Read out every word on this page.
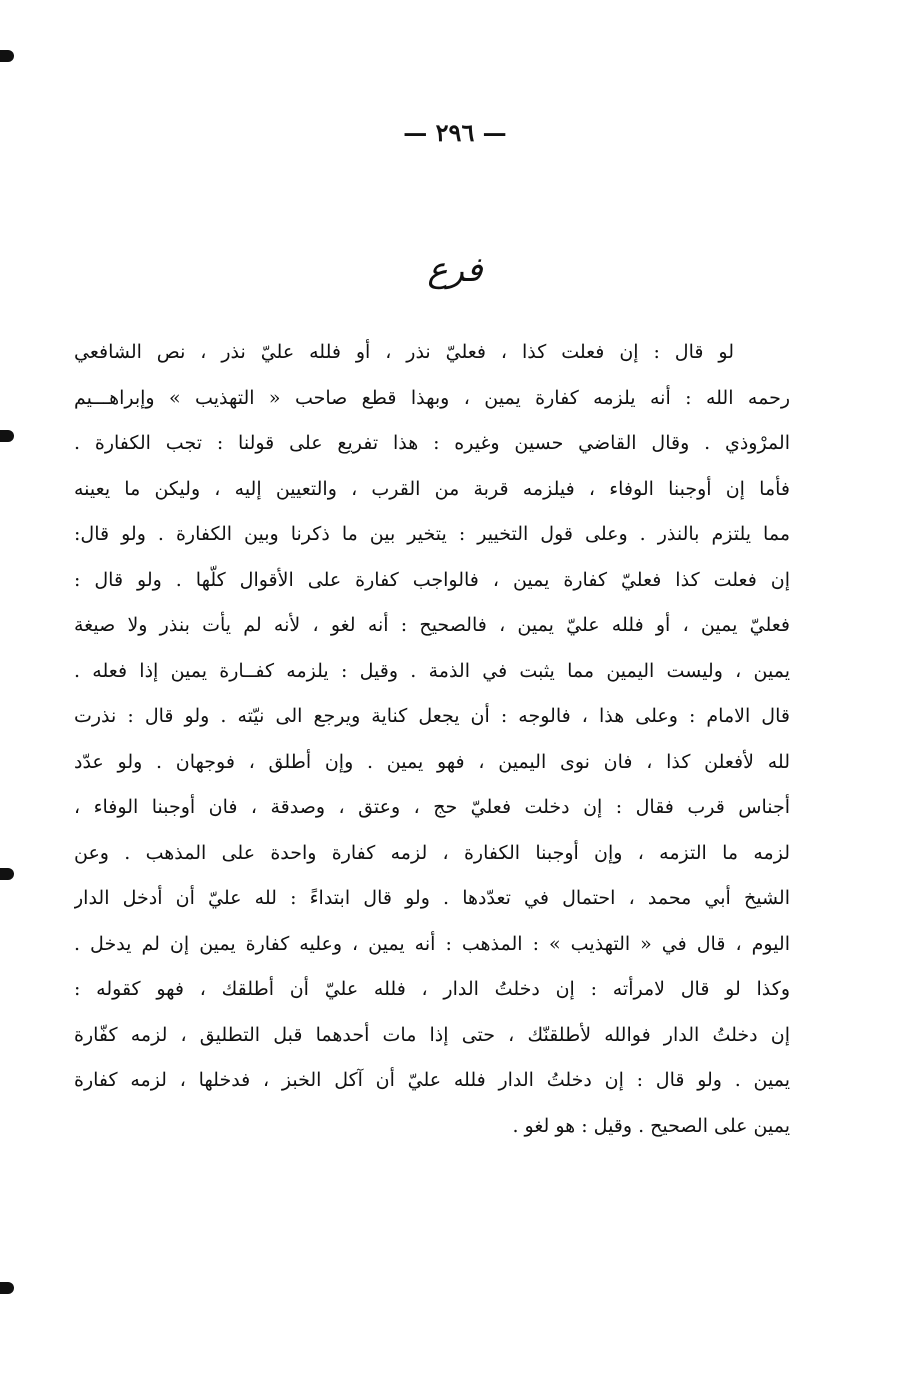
— ٢٩٦ —
فرع
لو قال : إن فعلت كذا ، فعليّ نذر ، أو فلله عليّ نذر ، نص الشافعي
رحمه الله : أنه يلزمه كفارة يمين ، وبهذا قطع صاحب « التهذيب » وإبراهـــيم
المرْوذي . وقال القاضي حسين وغيره : هذا تفريع على قولنا : تجب الكفارة .
فأما إن أوجبنا الوفاء ، فيلزمه قربة من القرب ، والتعيين إليه ، وليكن ما يعينه
مما يلتزم بالنذر . وعلى قول التخيير : يتخير بين ما ذكرنا وبين الكفارة . ولو قال:
إن فعلت كذا فعليّ كفارة يمين ، فالواجب كفارة على الأقوال كلّها . ولو قال :
فعليّ يمين ، أو فلله عليّ يمين ، فالصحيح : أنه لغو ، لأنه لم يأت بنذر ولا صيغة
يمين ، وليست اليمين مما يثبت في الذمة . وقيل : يلزمه كفــارة يمين إذا فعله .
قال الامام : وعلى هذا ، فالوجه : أن يجعل كناية ويرجع الى نيّته . ولو قال : نذرت
لله لأفعلن كذا ، فان نوى اليمين ، فهو يمين . وإن أطلق ، فوجهان . ولو عدّد
أجناس قرب فقال : إن دخلت فعليّ حج ، وعتق ، وصدقة ، فان أوجبنا الوفاء ،
لزمه ما التزمه ، وإن أوجبنا الكفارة ، لزمه كفارة واحدة على المذهب . وعن
الشيخ أبي محمد ، احتمال في تعدّدها . ولو قال ابتداءً : لله عليّ أن أدخل الدار
اليوم ، قال في « التهذيب » : المذهب : أنه يمين ، وعليه كفارة يمين إن لم يدخل .
وكذا لو قال لامرأته : إن دخلتُ الدار ، فلله عليّ أن أطلقك ، فهو كقوله :
إن دخلتُ الدار فوالله لأطلقنّك ، حتى إذا مات أحدهما قبل التطليق ، لزمه كفّارة
يمين . ولو قال : إن دخلتُ الدار فلله عليّ أن آكل الخبز ، فدخلها ، لزمه كفارة
يمين على الصحيح . وقيل : هو لغو .
